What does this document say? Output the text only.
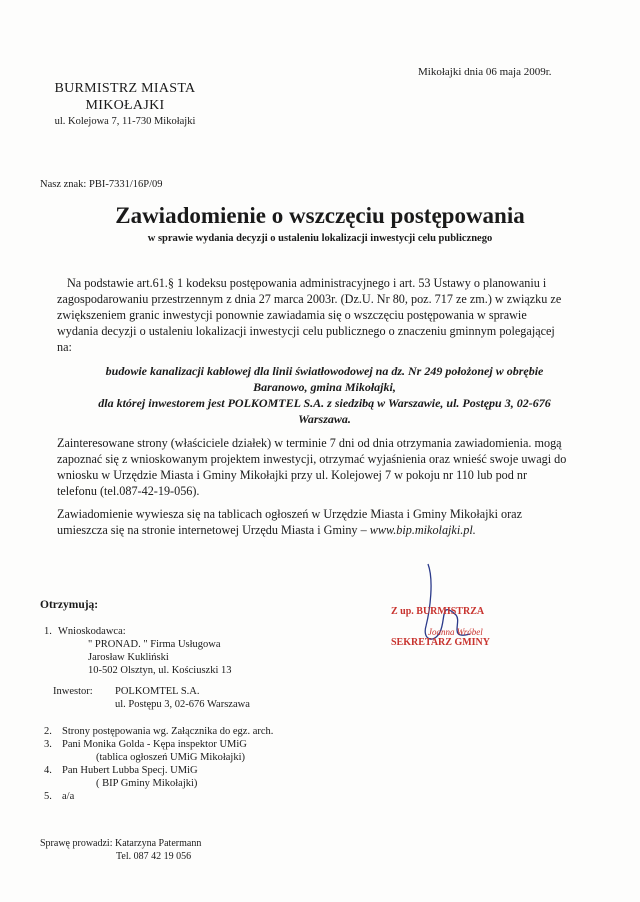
Mikołajki dnia 06 maja 2009r.
BURMISTRZ MIASTA
MIKOŁAJKI
ul. Kolejowa 7, 11-730 Mikołajki
Nasz znak: PBI-7331/16P/09
Zawiadomienie o wszczęciu postępowania
w sprawie wydania decyzji o ustaleniu lokalizacji inwestycji celu publicznego
Na podstawie art.61.§ 1 kodeksu postępowania administracyjnego i art. 53 Ustawy o planowaniu i
zagospodarowaniu przestrzennym z dnia 27 marca 2003r. (Dz.U. Nr 80, poz. 717 ze zm.) w związku ze
zwiększeniem granic inwestycji ponownie zawiadamia się o wszczęciu postępowania w sprawie
wydania decyzji o ustaleniu lokalizacji inwestycji celu publicznego o znaczeniu gminnym polegającej
na:
budowie kanalizacji kablowej dla linii światłowodowej na dz. Nr 249 położonej w obrębie
Baranowo, gmina Mikołajki,
dla której inwestorem jest POLKOMTEL S.A. z siedzibą w Warszawie, ul. Postępu 3, 02-676
Warszawa.
Zainteresowane strony (właściciele działek) w terminie 7 dni od dnia otrzymania zawiadomienia. mogą
zapoznać się z wnioskowanym projektem inwestycji, otrzymać wyjaśnienia oraz wnieść swoje uwagi do
wniosku w Urzędzie Miasta i Gminy Mikołajki przy ul. Kolejowej 7 w pokoju nr 110 lub pod nr
telefonu (tel.087-42-19-056).
Zawiadomienie wywiesza się na tablicach ogłoszeń w Urzędzie Miasta i Gminy Mikołajki oraz
umieszcza się na stronie internetowej Urzędu Miasta i Gminy – www.bip.mikolajki.pl.
Z up. BURMISTRZA
Joanna Wróbel
SEKRETARZ GMINY
Otrzymują:
1. Wnioskodawca:
" PRONAD. " Firma Usługowa
Jarosław Kukliński
10-502 Olsztyn, ul. Kościuszki 13
Inwestor: POLKOMTEL S.A.
ul. Postępu 3, 02-676 Warszawa
2. Strony postępowania wg. Załącznika do egz. arch.
3. Pani Monika Golda - Kępa inspektor UMiG
(tablica ogłoszeń UMiG Mikołajki)
4. Pan Hubert Lubba Specj. UMiG
( BIP Gminy Mikołajki)
5. a/a
Sprawę prowadzi: Katarzyna Patermann
Tel. 087 42 19 056
